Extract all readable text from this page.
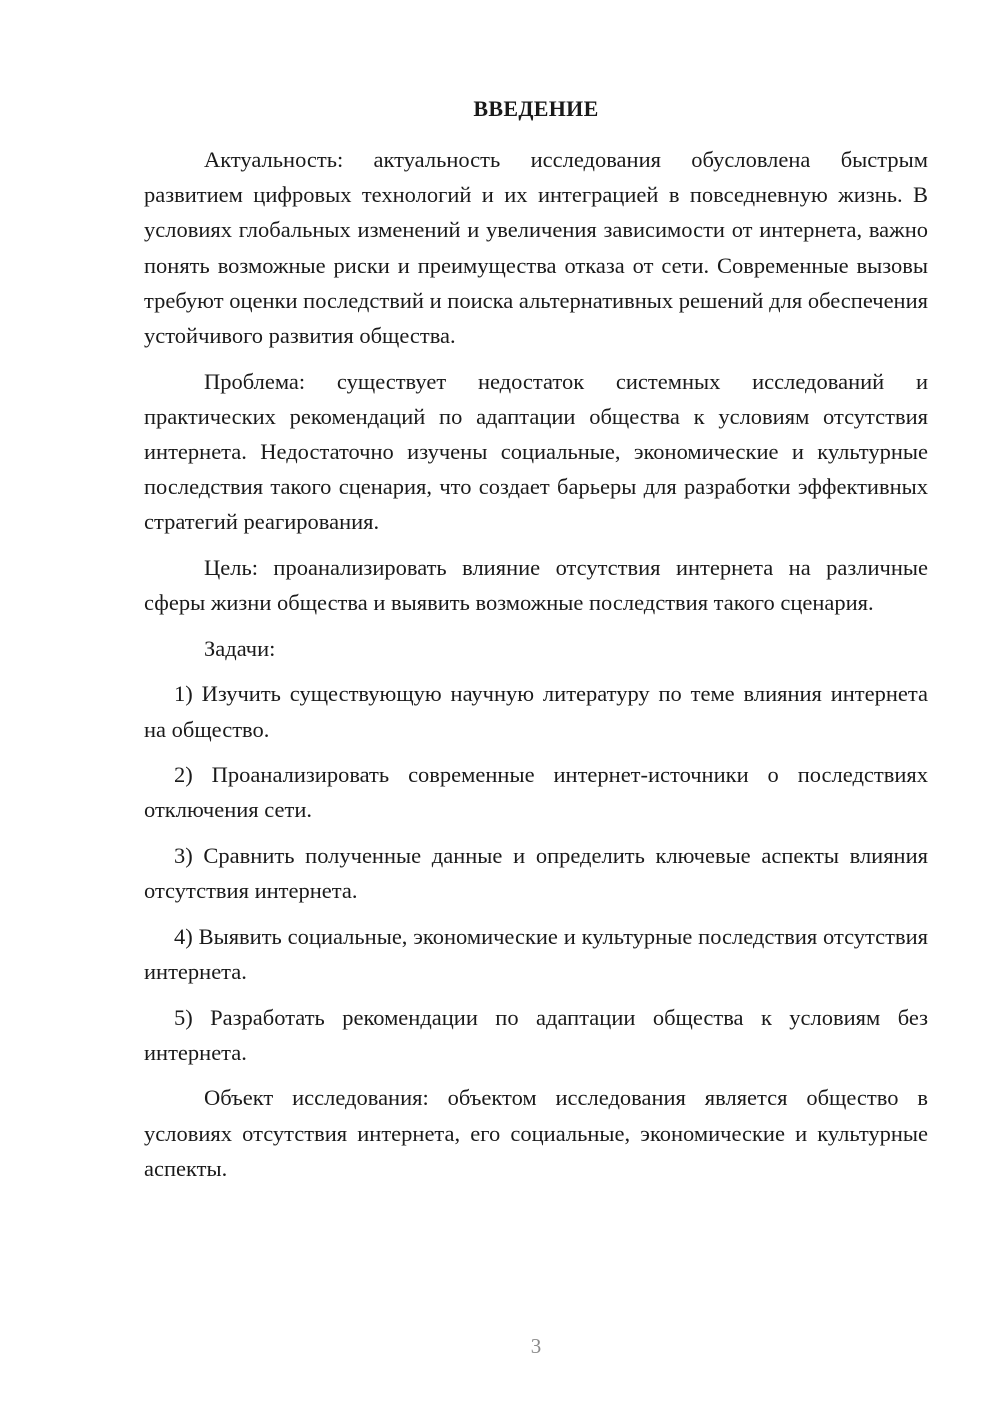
ВВЕДЕНИЕ

Актуальность: актуальность исследования обусловлена быстрым развитием цифровых технологий и их интеграцией в повседневную жизнь. В условиях глобальных изменений и увеличения зависимости от интернета, важно понять возможные риски и преимущества отказа от сети. Современные вызовы требуют оценки последствий и поиска альтернативных решений для обеспечения устойчивого развития общества.

Проблема: существует недостаток системных исследований и практических рекомендаций по адаптации общества к условиям отсутствия интернета. Недостаточно изучены социальные, экономические и культурные последствия такого сценария, что создает барьеры для разработки эффективных стратегий реагирования.

Цель: проанализировать влияние отсутствия интернета на различные сферы жизни общества и выявить возможные последствия такого сценария.

Задачи:

1) Изучить существующую научную литературу по теме влияния интернета на общество.

2) Проанализировать современные интернет-источники о последствиях отключения сети.

3) Сравнить полученные данные и определить ключевые аспекты влияния отсутствия интернета.

4) Выявить социальные, экономические и культурные последствия отсутствия интернета.

5) Разработать рекомендации по адаптации общества к условиям без интернета.

Объект исследования: объектом исследования является общество в условиях отсутствия интернета, его социальные, экономические и культурные аспекты.

3
